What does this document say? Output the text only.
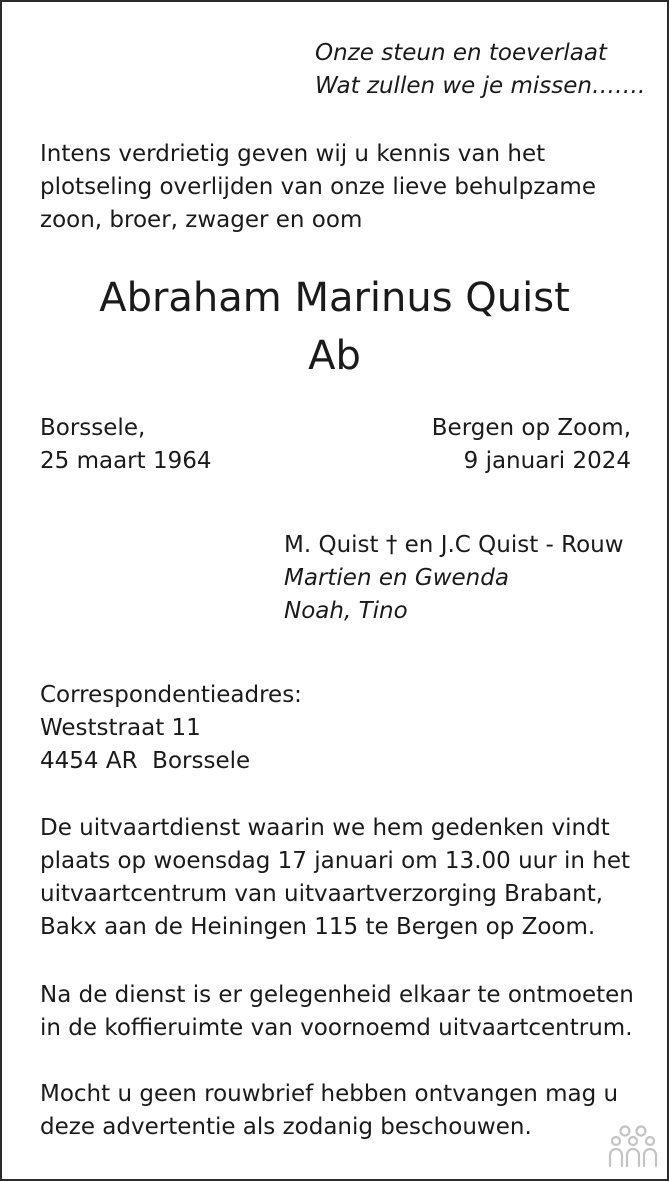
Onze steun en toeverlaat
Wat zullen we je missen…….
Intens verdrietig geven wij u kennis van het
plotseling overlijden van onze lieve behulpzame
zoon, broer, zwager en oom
Abraham Marinus Quist
Ab
Borssele,
25 maart 1964
Bergen op Zoom,
9 januari 2024
M. Quist † en J.C Quist - Rouw
Martien en Gwenda
Noah, Tino
Correspondentieadres:
Weststraat 11
4454 AR  Borssele
De uitvaartdienst waarin we hem gedenken vindt
plaats op woensdag 17 januari om 13.00 uur in het
uitvaartcentrum van uitvaartverzorging Brabant,
Bakx aan de Heiningen 115 te Bergen op Zoom.
Na de dienst is er gelegenheid elkaar te ontmoeten
in de koffieruimte van voornoemd uitvaartcentrum.
Mocht u geen rouwbrief hebben ontvangen mag u
deze advertentie als zodanig beschouwen.
